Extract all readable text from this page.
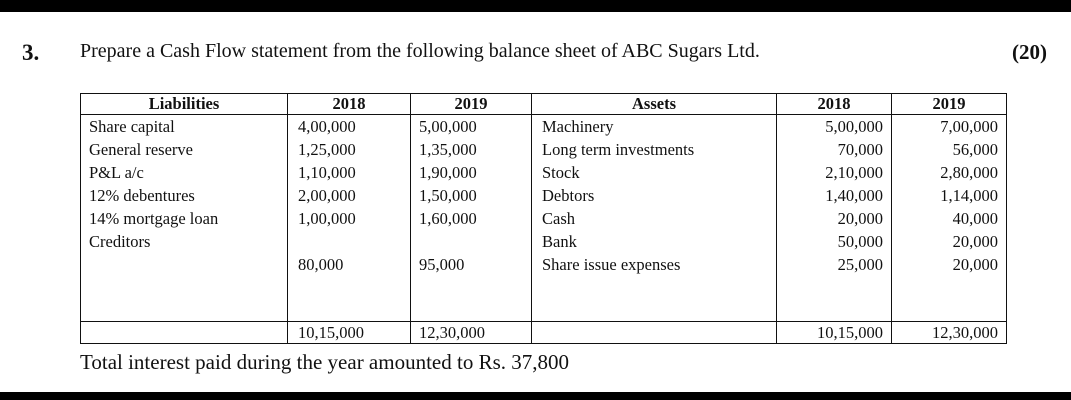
3. Prepare a Cash Flow statement from the following balance sheet of ABC Sugars Ltd.	(20)
Liabilities	2018	2019	Assets	2018	2019
Share capital	4,00,000	5,00,000	Machinery	5,00,000	7,00,000
General reserve	1,25,000	1,35,000	Long term investments	70,000	56,000
P&L a/c	1,10,000	1,90,000	Stock	2,10,000	2,80,000
12% debentures	2,00,000	1,50,000	Debtors	1,40,000	1,14,000
14% mortgage loan	1,00,000	1,60,000	Cash	20,000	40,000
Creditors			Bank	50,000	20,000
	80,000	95,000	Share issue expenses	25,000	20,000

	10,15,000	12,30,000		10,15,000	12,30,000
Total interest paid during the year amounted to Rs. 37,800
